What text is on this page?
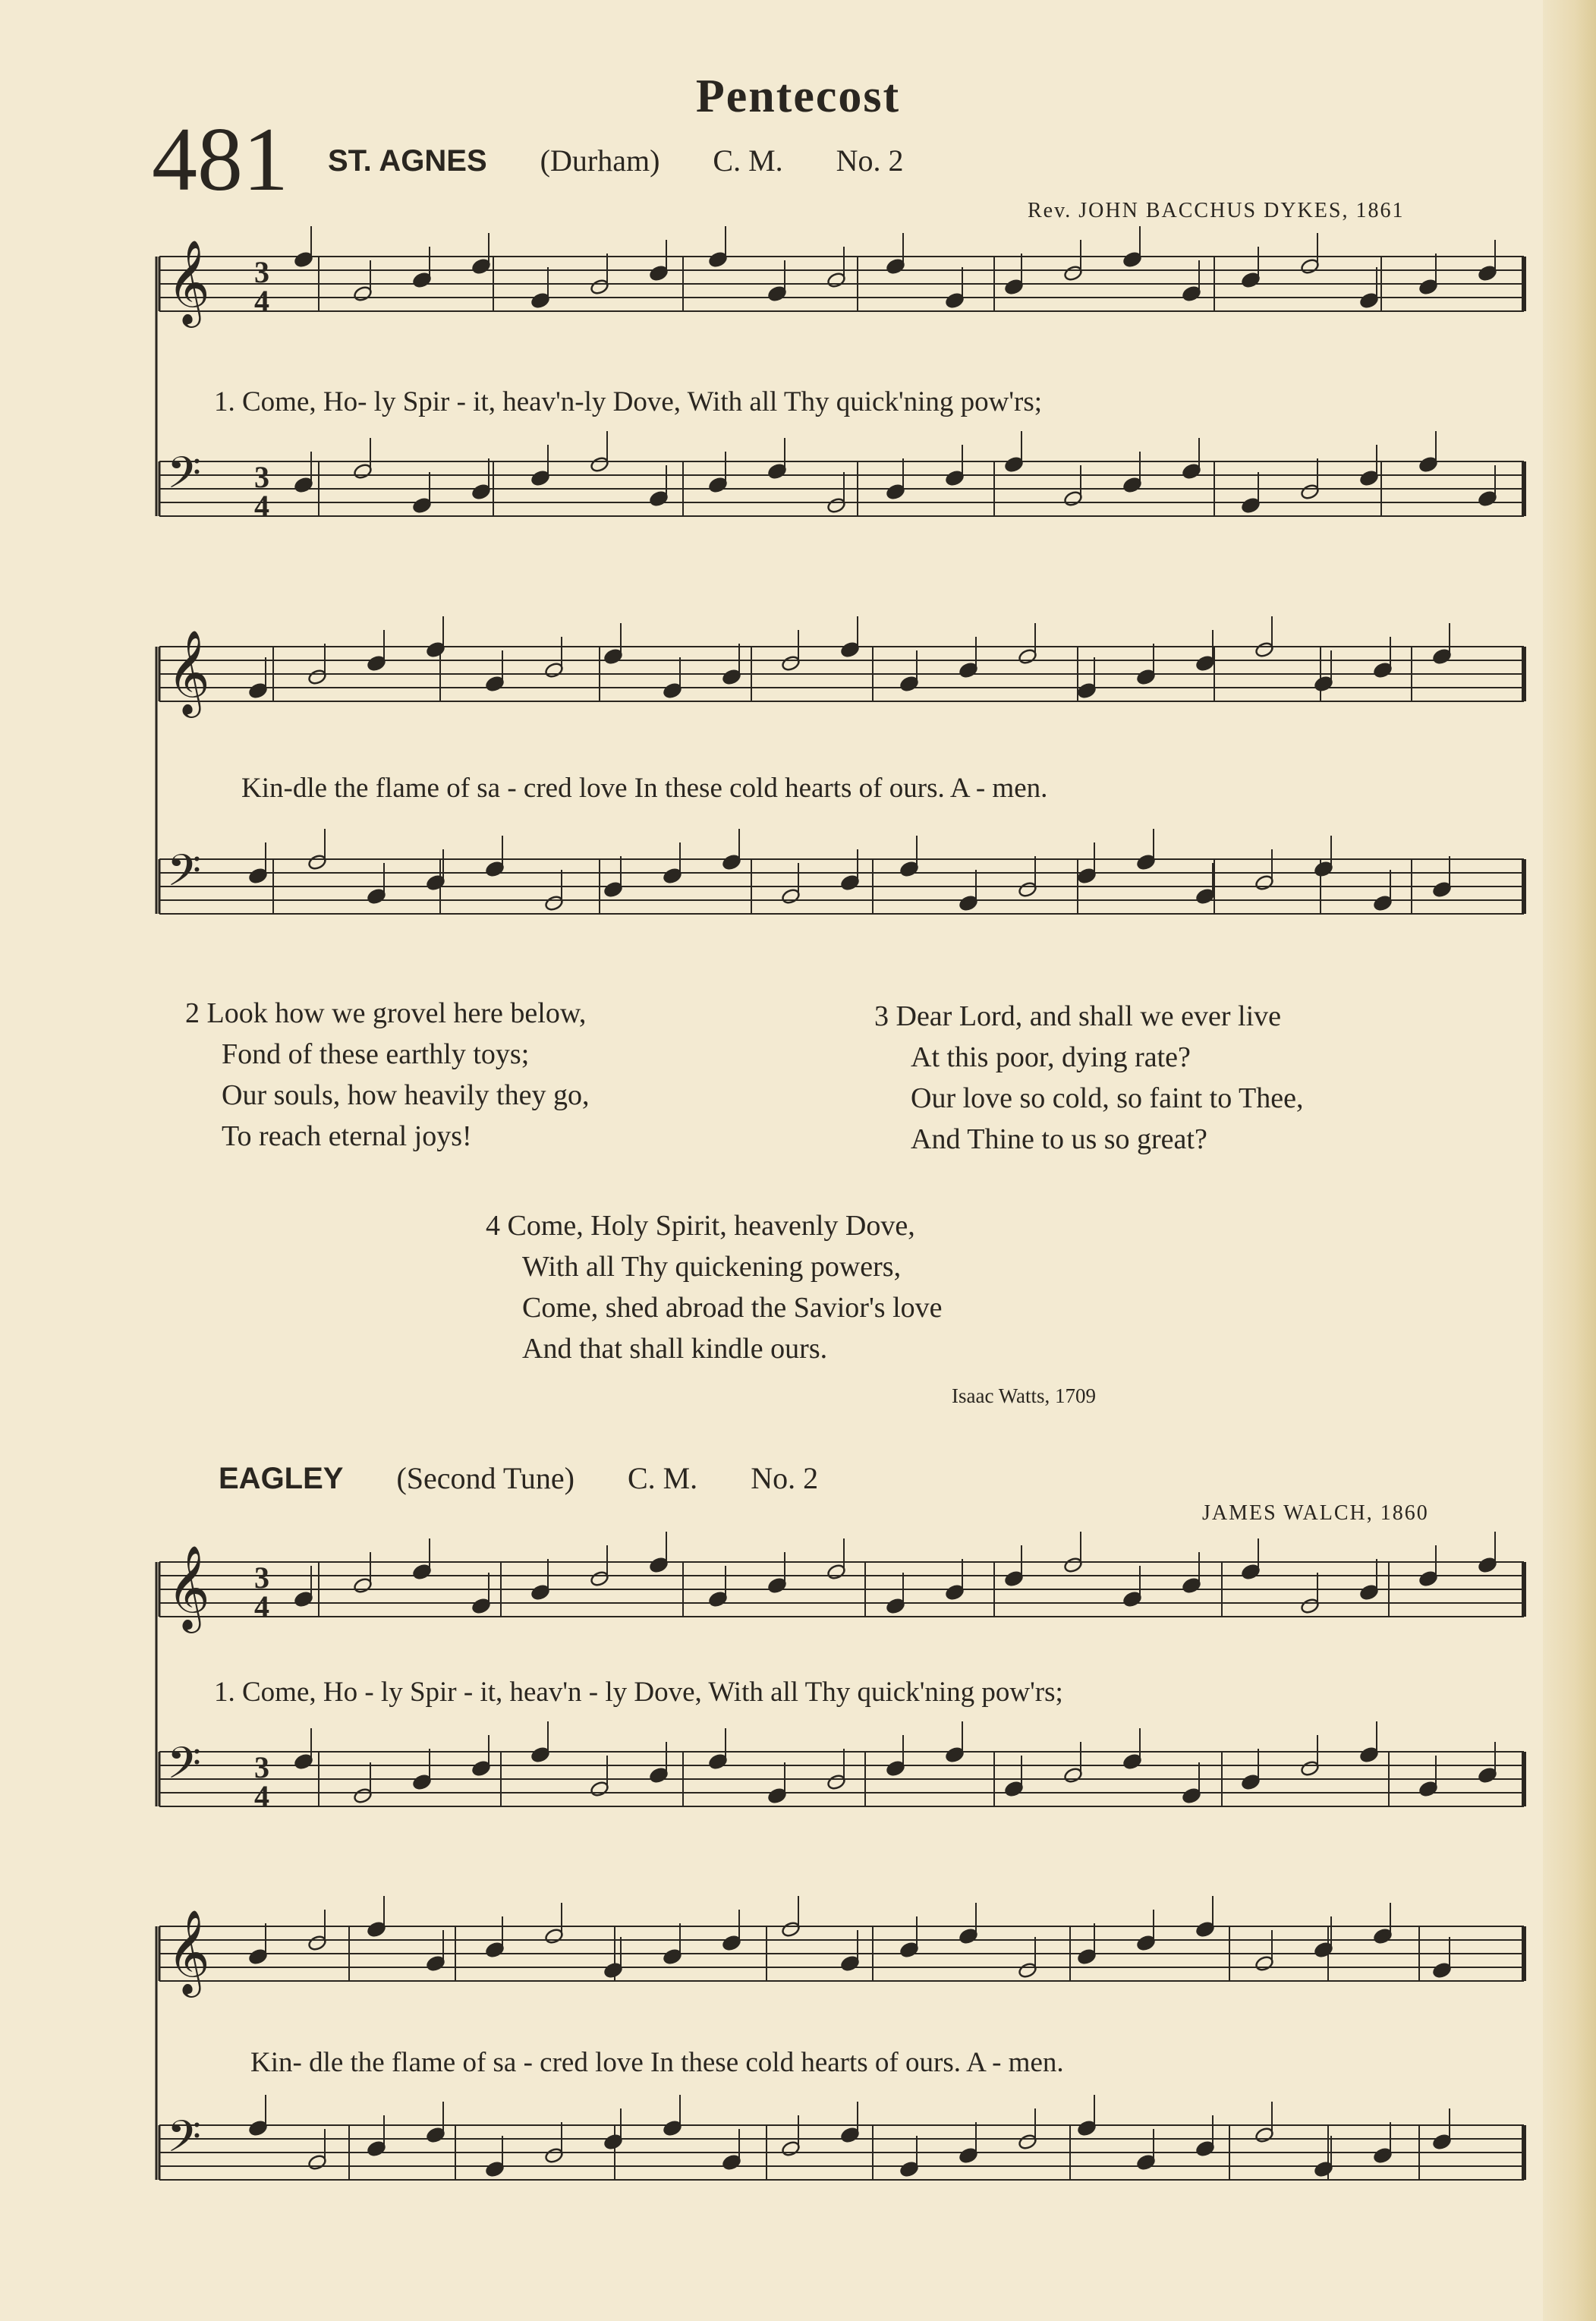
Pentecost
481 ST. AGNES (Durham) C. M. No. 2
Rev. JOHN BACCHUS DYKES, 1861
1. Come, Ho- ly Spir - it, heav'n-ly Dove, With all Thy quick'ning pow'rs;
Kin-dle the flame of sa - cred love In these cold hearts of ours. A - men.
2 Look how we grovel here below,
Fond of these earthly toys;
Our souls, how heavily they go,
To reach eternal joys!
3 Dear Lord, and shall we ever live
At this poor, dying rate?
Our love so cold, so faint to Thee,
And Thine to us so great?
4 Come, Holy Spirit, heavenly Dove,
With all Thy quickening powers,
Come, shed abroad the Savior's love
And that shall kindle ours.
Isaac Watts, 1709
EAGLEY (Second Tune) C. M. No. 2
JAMES WALCH, 1860
1. Come, Ho - ly Spir - it, heav'n - ly Dove, With all Thy quick'ning pow'rs;
Kin- dle the flame of sa - cred love In these cold hearts of ours. A - men.
𝄞 3
4
𝄢 3
4
𝄞
𝄢
𝄞 3
4
𝄢 3
4
𝄞
𝄢
